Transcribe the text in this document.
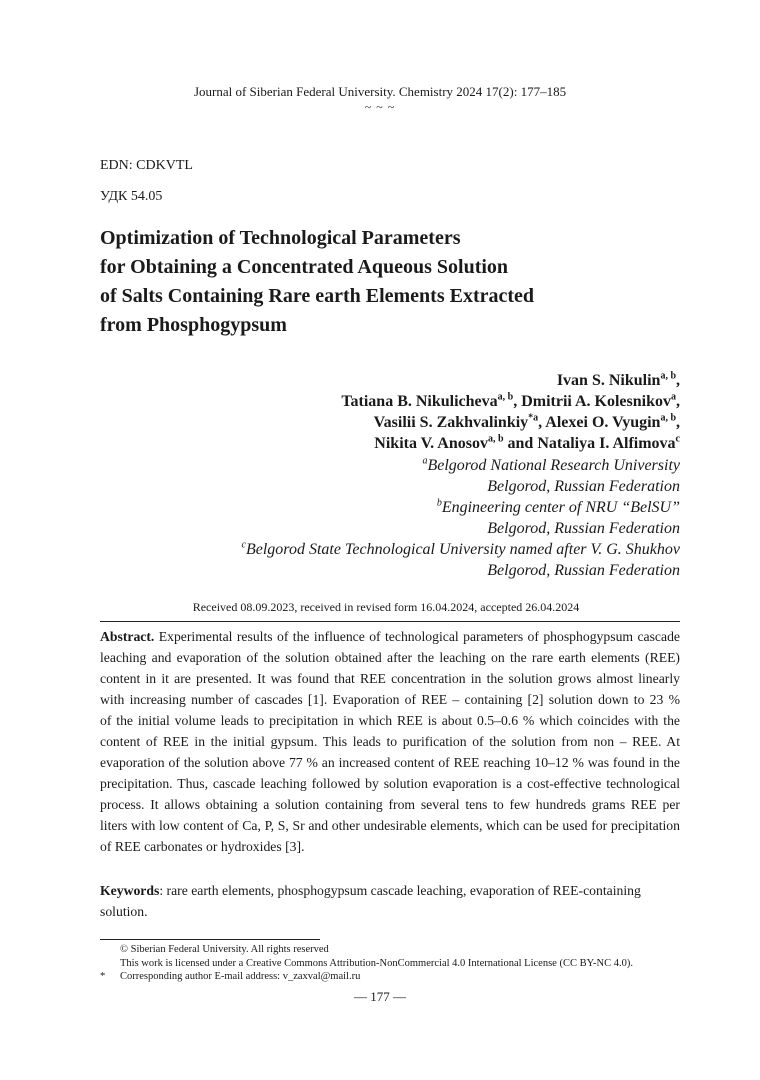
Journal of Siberian Federal University. Chemistry 2024 17(2): 177–185
~ ~ ~
EDN: CDKVTL
УДК 54.05
Optimization of Technological Parameters
for Obtaining a Concentrated Aqueous Solution
of Salts Containing Rare earth Elements Extracted
from Phosphogypsum
Ivan S. Nikulin$^{a, b}$,
Tatiana B. Nikulicheva$^{a, b}$, Dmitrii A. Kolesnikov$^a$,
Vasilii S. Zakhvalinkiy$^{*a}$, Alexei O. Vyugin$^{a, b}$,
Nikita V. Anosov$^{a, b}$ and Nataliya I. Alfimova$^c$
$^a$Belgorod National Research University
Belgorod, Russian Federation
$^b$Engineering center of NRU “BelSU”
Belgorod, Russian Federation
$^c$Belgorod State Technological University named after V. G. Shukhov
Belgorod, Russian Federation
Received 08.09.2023, received in revised form 16.04.2024, accepted 26.04.2024
Abstract. Experimental results of the influence of technological parameters of phosphogypsum cascade
leaching and evaporation of the solution obtained after the leaching on the rare earth elements (REE)
content in it are presented. It was found that REE concentration in the solution grows almost linearly
with increasing number of cascades [1]. Evaporation of REE – containing [2] solution down to 23 %
of the initial volume leads to precipitation in which REE is about 0.5–0.6 % which coincides with the
content of REE in the initial gypsum. This leads to purification of the solution from non – REE. At
evaporation of the solution above 77 % an increased content of REE reaching 10–12 % was found in the
precipitation. Thus, cascade leaching followed by solution evaporation is a cost-effective technological
process. It allows obtaining a solution containing from several tens to few hundreds grams REE per
liters with low content of Ca, P, S, Sr and other undesirable elements, which can be used for precipitation
of REE carbonates or hydroxides [3].
Keywords: rare earth elements, phosphogypsum cascade leaching, evaporation of REE-containing solution.
© Siberian Federal University. All rights reserved
This work is licensed under a Creative Commons Attribution-NonCommercial 4.0 International License (CC BY-NC 4.0).
* Corresponding author E-mail address: v_zaxval@mail.ru
— 177 —
